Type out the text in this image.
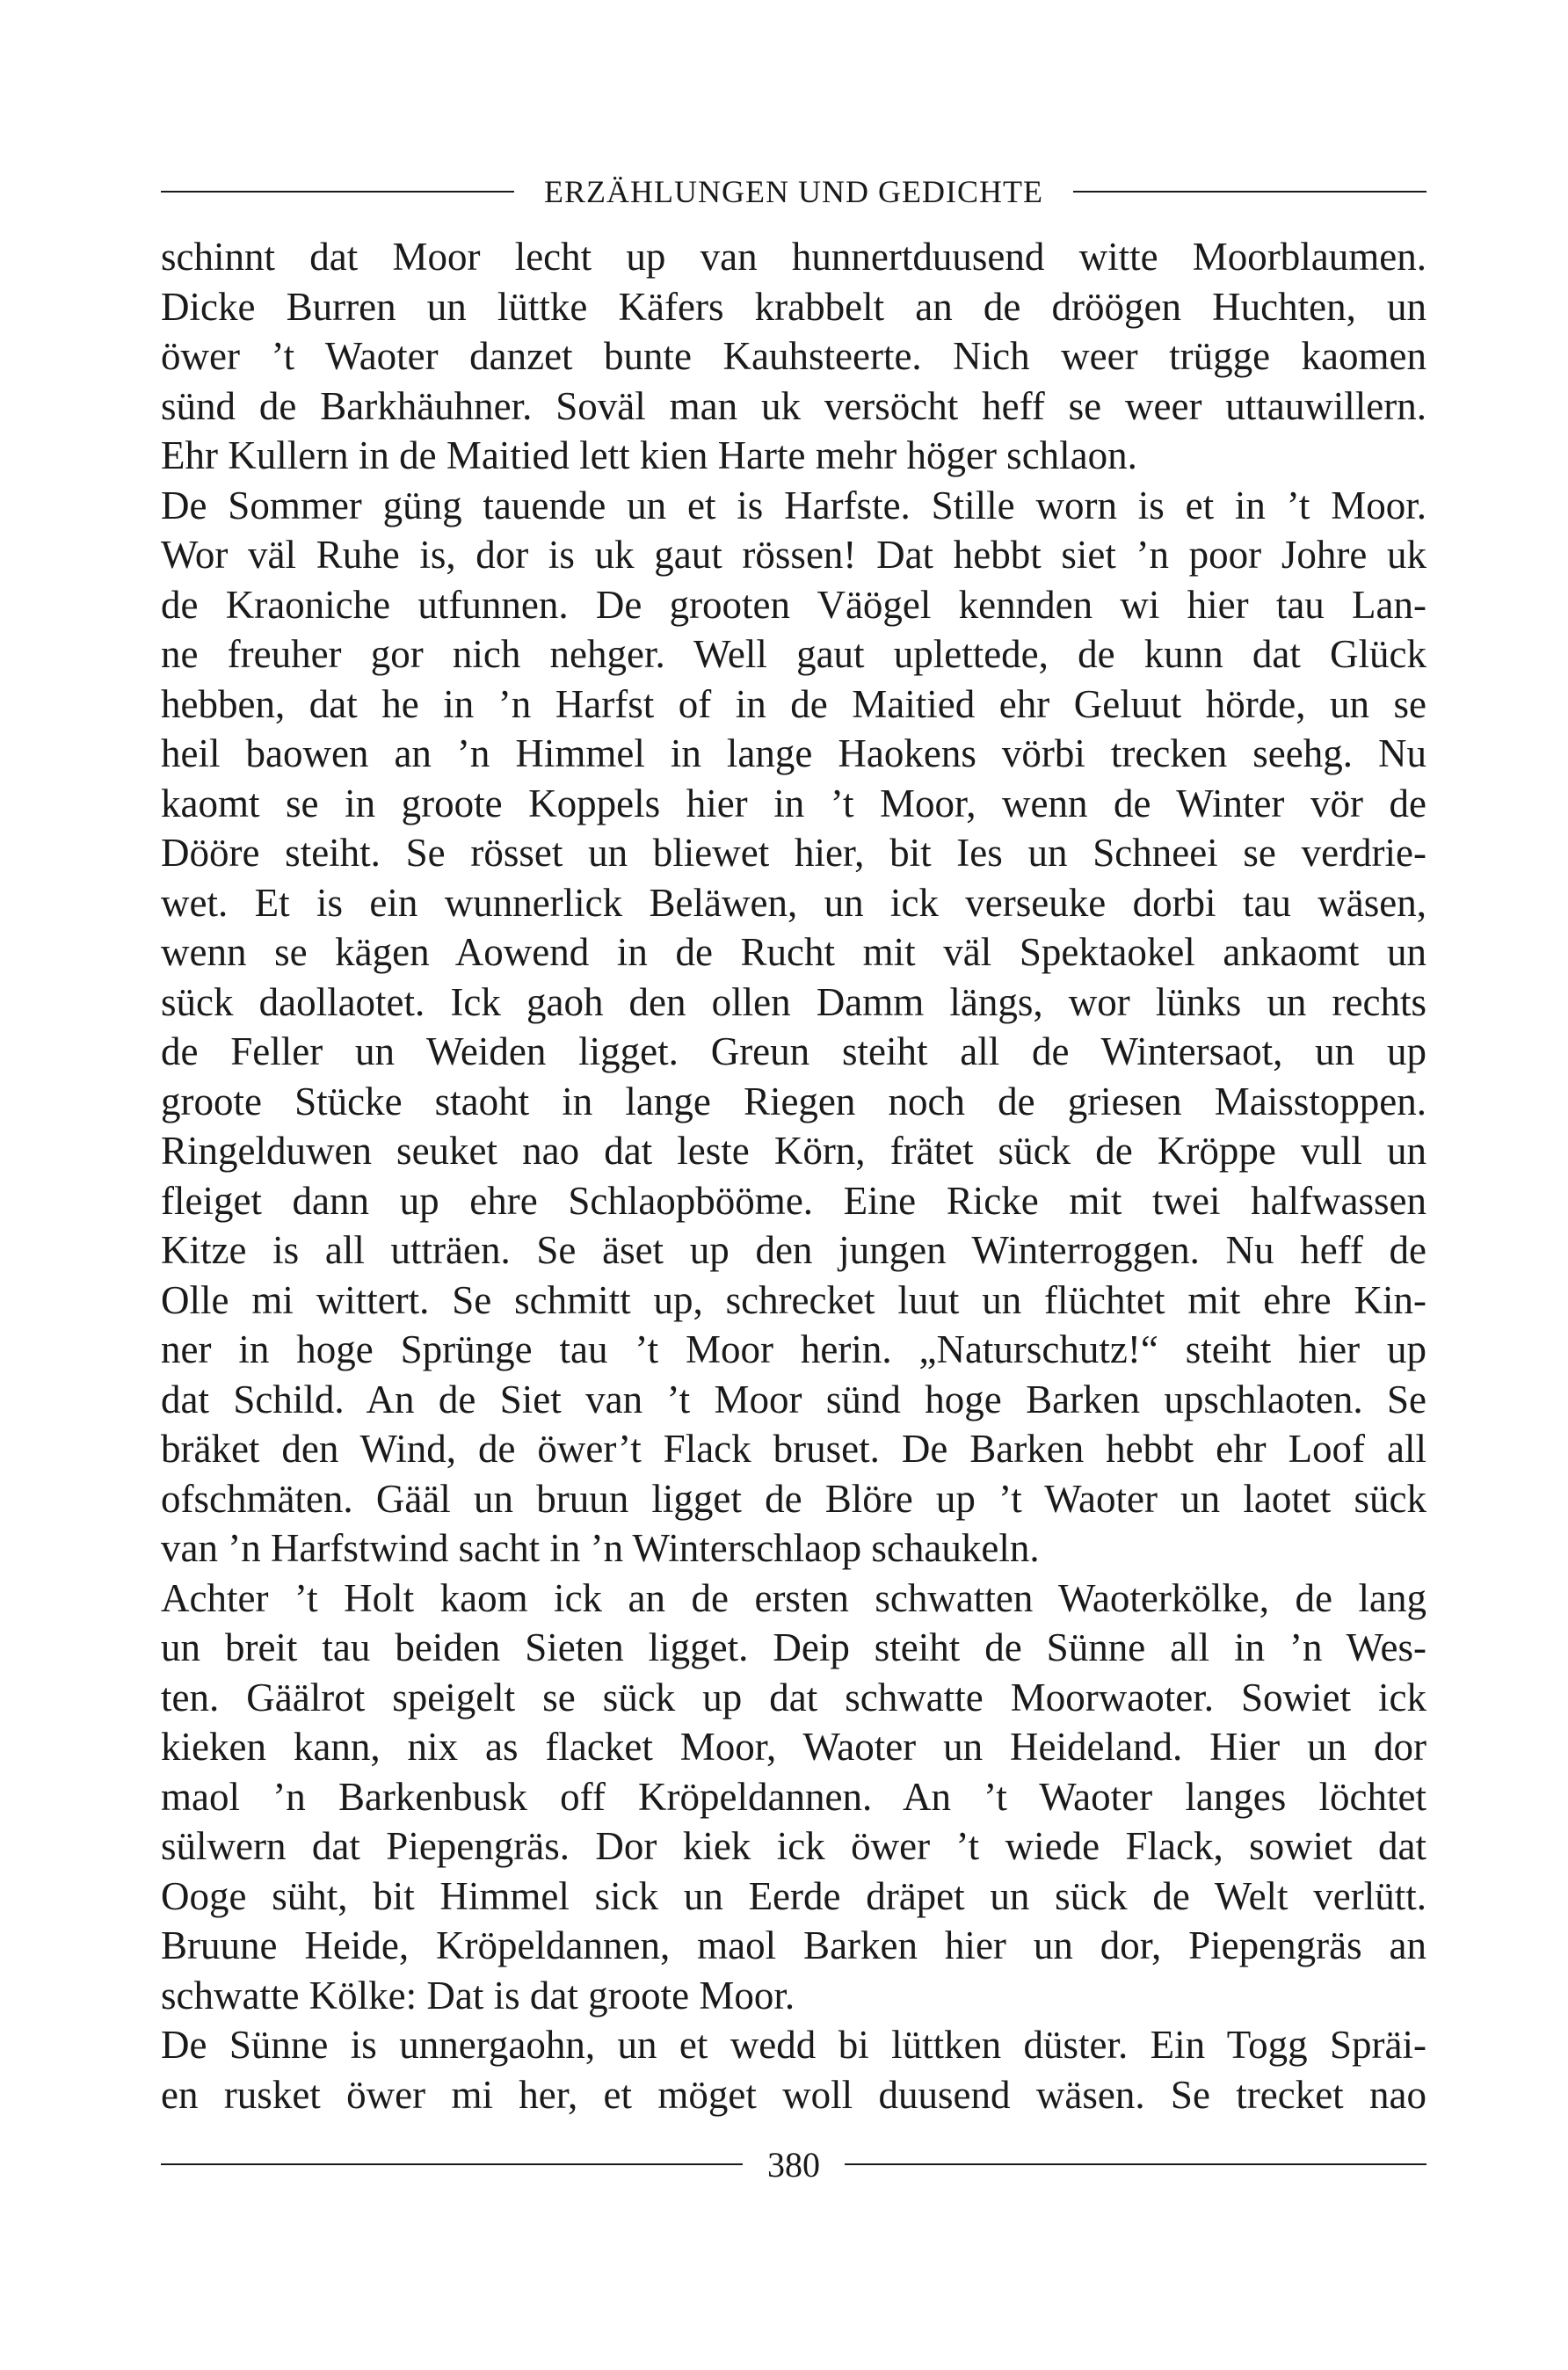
ERZÄHLUNGEN UND GEDICHTE
schinnt dat Moor lecht up van hunnertduusend witte Moorblaumen.
Dicke Burren un lüttke Käfers krabbelt an de dröögen Huchten, un
öwer ’t Waoter danzet bunte Kauhsteerte. Nich weer trügge kaomen
sünd de Barkhäuhner. Soväl man uk versöcht heff se weer uttauwillern.
Ehr Kullern in de Maitied lett kien Harte mehr höger schlaon.
De Sommer güng tauende un et is Harfste. Stille worn is et in ’t Moor.
Wor väl Ruhe is, dor is uk gaut rössen! Dat hebbt siet ’n poor Johre uk
de Kraoniche utfunnen. De grooten Väögel kennden wi hier tau Lan-
ne freuher gor nich nehger. Well gaut uplettede, de kunn dat Glück
hebben, dat he in ’n Harfst of in de Maitied ehr Geluut hörde, un se
heil baowen an ’n Himmel in lange Haokens vörbi trecken seehg. Nu
kaomt se in groote Koppels hier in ’t Moor, wenn de Winter vör de
Dööre steiht. Se rösset un bliewet hier, bit Ies un Schneei se verdrie-
wet. Et is ein wunnerlick Beläwen, un ick verseuke dorbi tau wäsen,
wenn se kägen Aowend in de Rucht mit väl Spektaokel ankaomt un
sück daollaotet. Ick gaoh den ollen Damm längs, wor lünks un rechts
de Feller un Weiden ligget. Greun steiht all de Wintersaot, un up
groote Stücke staoht in lange Riegen noch de griesen Maisstoppen.
Ringelduwen seuket nao dat leste Körn, frätet sück de Kröppe vull un
fleiget dann up ehre Schlaopbööme. Eine Ricke mit twei halfwassen
Kitze is all utträen. Se äset up den jungen Winterroggen. Nu heff de
Olle mi wittert. Se schmitt up, schrecket luut un flüchtet mit ehre Kin-
ner in hoge Sprünge tau ’t Moor herin. „Naturschutz!“ steiht hier up
dat Schild. An de Siet van ’t Moor sünd hoge Barken upschlaoten. Se
bräket den Wind, de öwer’t Flack bruset. De Barken hebbt ehr Loof all
ofschmäten. Gääl un bruun ligget de Blöre up ’t Waoter un laotet sück
van ’n Harfstwind sacht in ’n Winterschlaop schaukeln.
Achter ’t Holt kaom ick an de ersten schwatten Waoterkölke, de lang
un breit tau beiden Sieten ligget. Deip steiht de Sünne all in ’n Wes-
ten. Gäälrot speigelt se sück up dat schwatte Moorwaoter. Sowiet ick
kieken kann, nix as flacket Moor, Waoter un Heideland. Hier un dor
maol ’n Barkenbusk off Kröpeldannen. An ’t Waoter langes löchtet
sülwern dat Piepengräs. Dor kiek ick öwer ’t wiede Flack, sowiet dat
Ooge süht, bit Himmel sick un Eerde dräpet un sück de Welt verlütt.
Bruune Heide, Kröpeldannen, maol Barken hier un dor, Piepengräs an
schwatte Kölke: Dat is dat groote Moor.
De Sünne is unnergaohn, un et wedd bi lüttken düster. Ein Togg Spräi-
en rusket öwer mi her, et möget woll duusend wäsen. Se trecket nao
380
